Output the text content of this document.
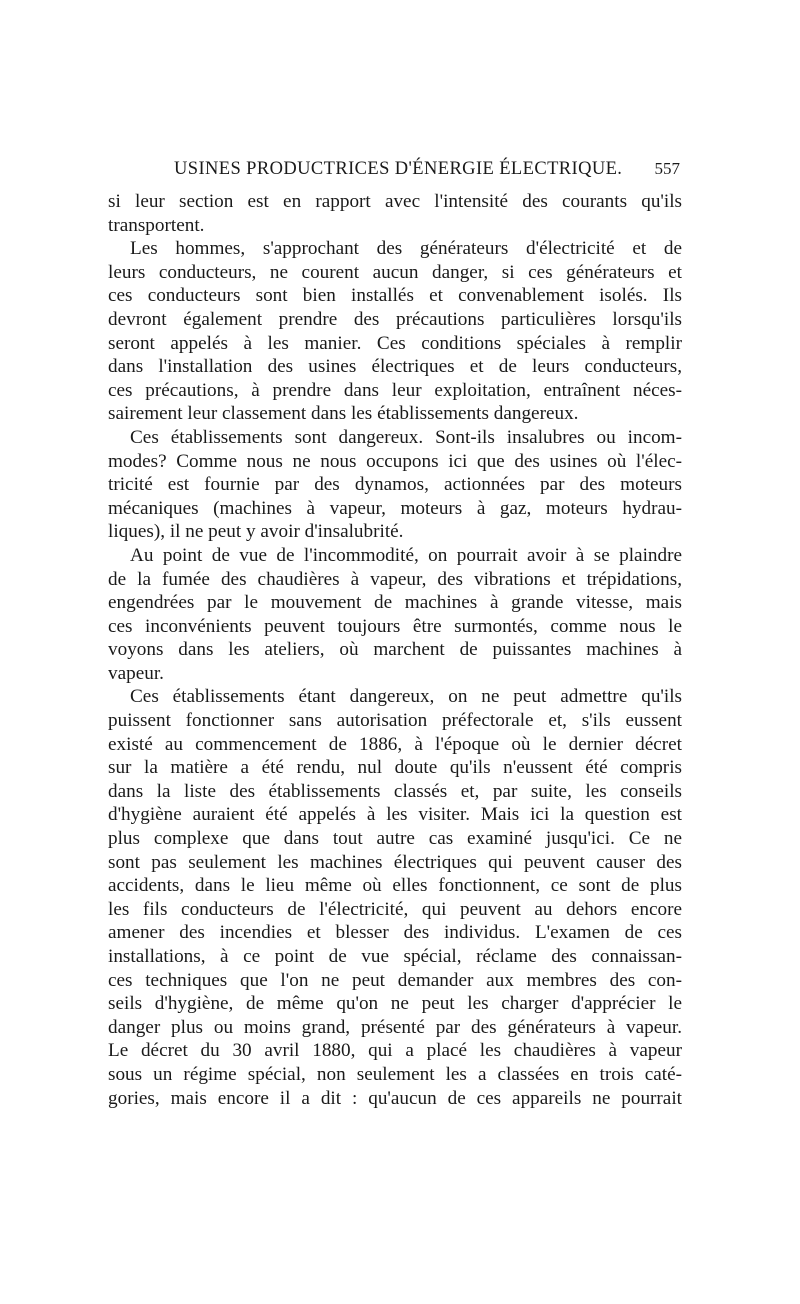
USINES PRODUCTRICES D'ÉNERGIE ÉLECTRIQUE. 557
si leur section est en rapport avec l'intensité des courants qu'ils
transportent.
Les hommes, s'approchant des générateurs d'électricité et de
leurs conducteurs, ne courent aucun danger, si ces générateurs et
ces conducteurs sont bien installés et convenablement isolés. Ils
devront également prendre des précautions particulières lorsqu'ils
seront appelés à les manier. Ces conditions spéciales à remplir
dans l'installation des usines électriques et de leurs conducteurs,
ces précautions, à prendre dans leur exploitation, entraînent néces-
sairement leur classement dans les établissements dangereux.
Ces établissements sont dangereux. Sont-ils insalubres ou incom-
modes? Comme nous ne nous occupons ici que des usines où l'élec-
tricité est fournie par des dynamos, actionnées par des moteurs
mécaniques (machines à vapeur, moteurs à gaz, moteurs hydrau-
liques), il ne peut y avoir d'insalubrité.
Au point de vue de l'incommodité, on pourrait avoir à se plaindre
de la fumée des chaudières à vapeur, des vibrations et trépidations,
engendrées par le mouvement de machines à grande vitesse, mais
ces inconvénients peuvent toujours être surmontés, comme nous le
voyons dans les ateliers, où marchent de puissantes machines à
vapeur.
Ces établissements étant dangereux, on ne peut admettre qu'ils
puissent fonctionner sans autorisation préfectorale et, s'ils eussent
existé au commencement de 1886, à l'époque où le dernier décret
sur la matière a été rendu, nul doute qu'ils n'eussent été compris
dans la liste des établissements classés et, par suite, les conseils
d'hygiène auraient été appelés à les visiter. Mais ici la question est
plus complexe que dans tout autre cas examiné jusqu'ici. Ce ne
sont pas seulement les machines électriques qui peuvent causer des
accidents, dans le lieu même où elles fonctionnent, ce sont de plus
les fils conducteurs de l'électricité, qui peuvent au dehors encore
amener des incendies et blesser des individus. L'examen de ces
installations, à ce point de vue spécial, réclame des connaissan-
ces techniques que l'on ne peut demander aux membres des con-
seils d'hygiène, de même qu'on ne peut les charger d'apprécier le
danger plus ou moins grand, présenté par des générateurs à vapeur.
Le décret du 30 avril 1880, qui a placé les chaudières à vapeur
sous un régime spécial, non seulement les a classées en trois caté-
gories, mais encore il a dit : qu'aucun de ces appareils ne pourrait
